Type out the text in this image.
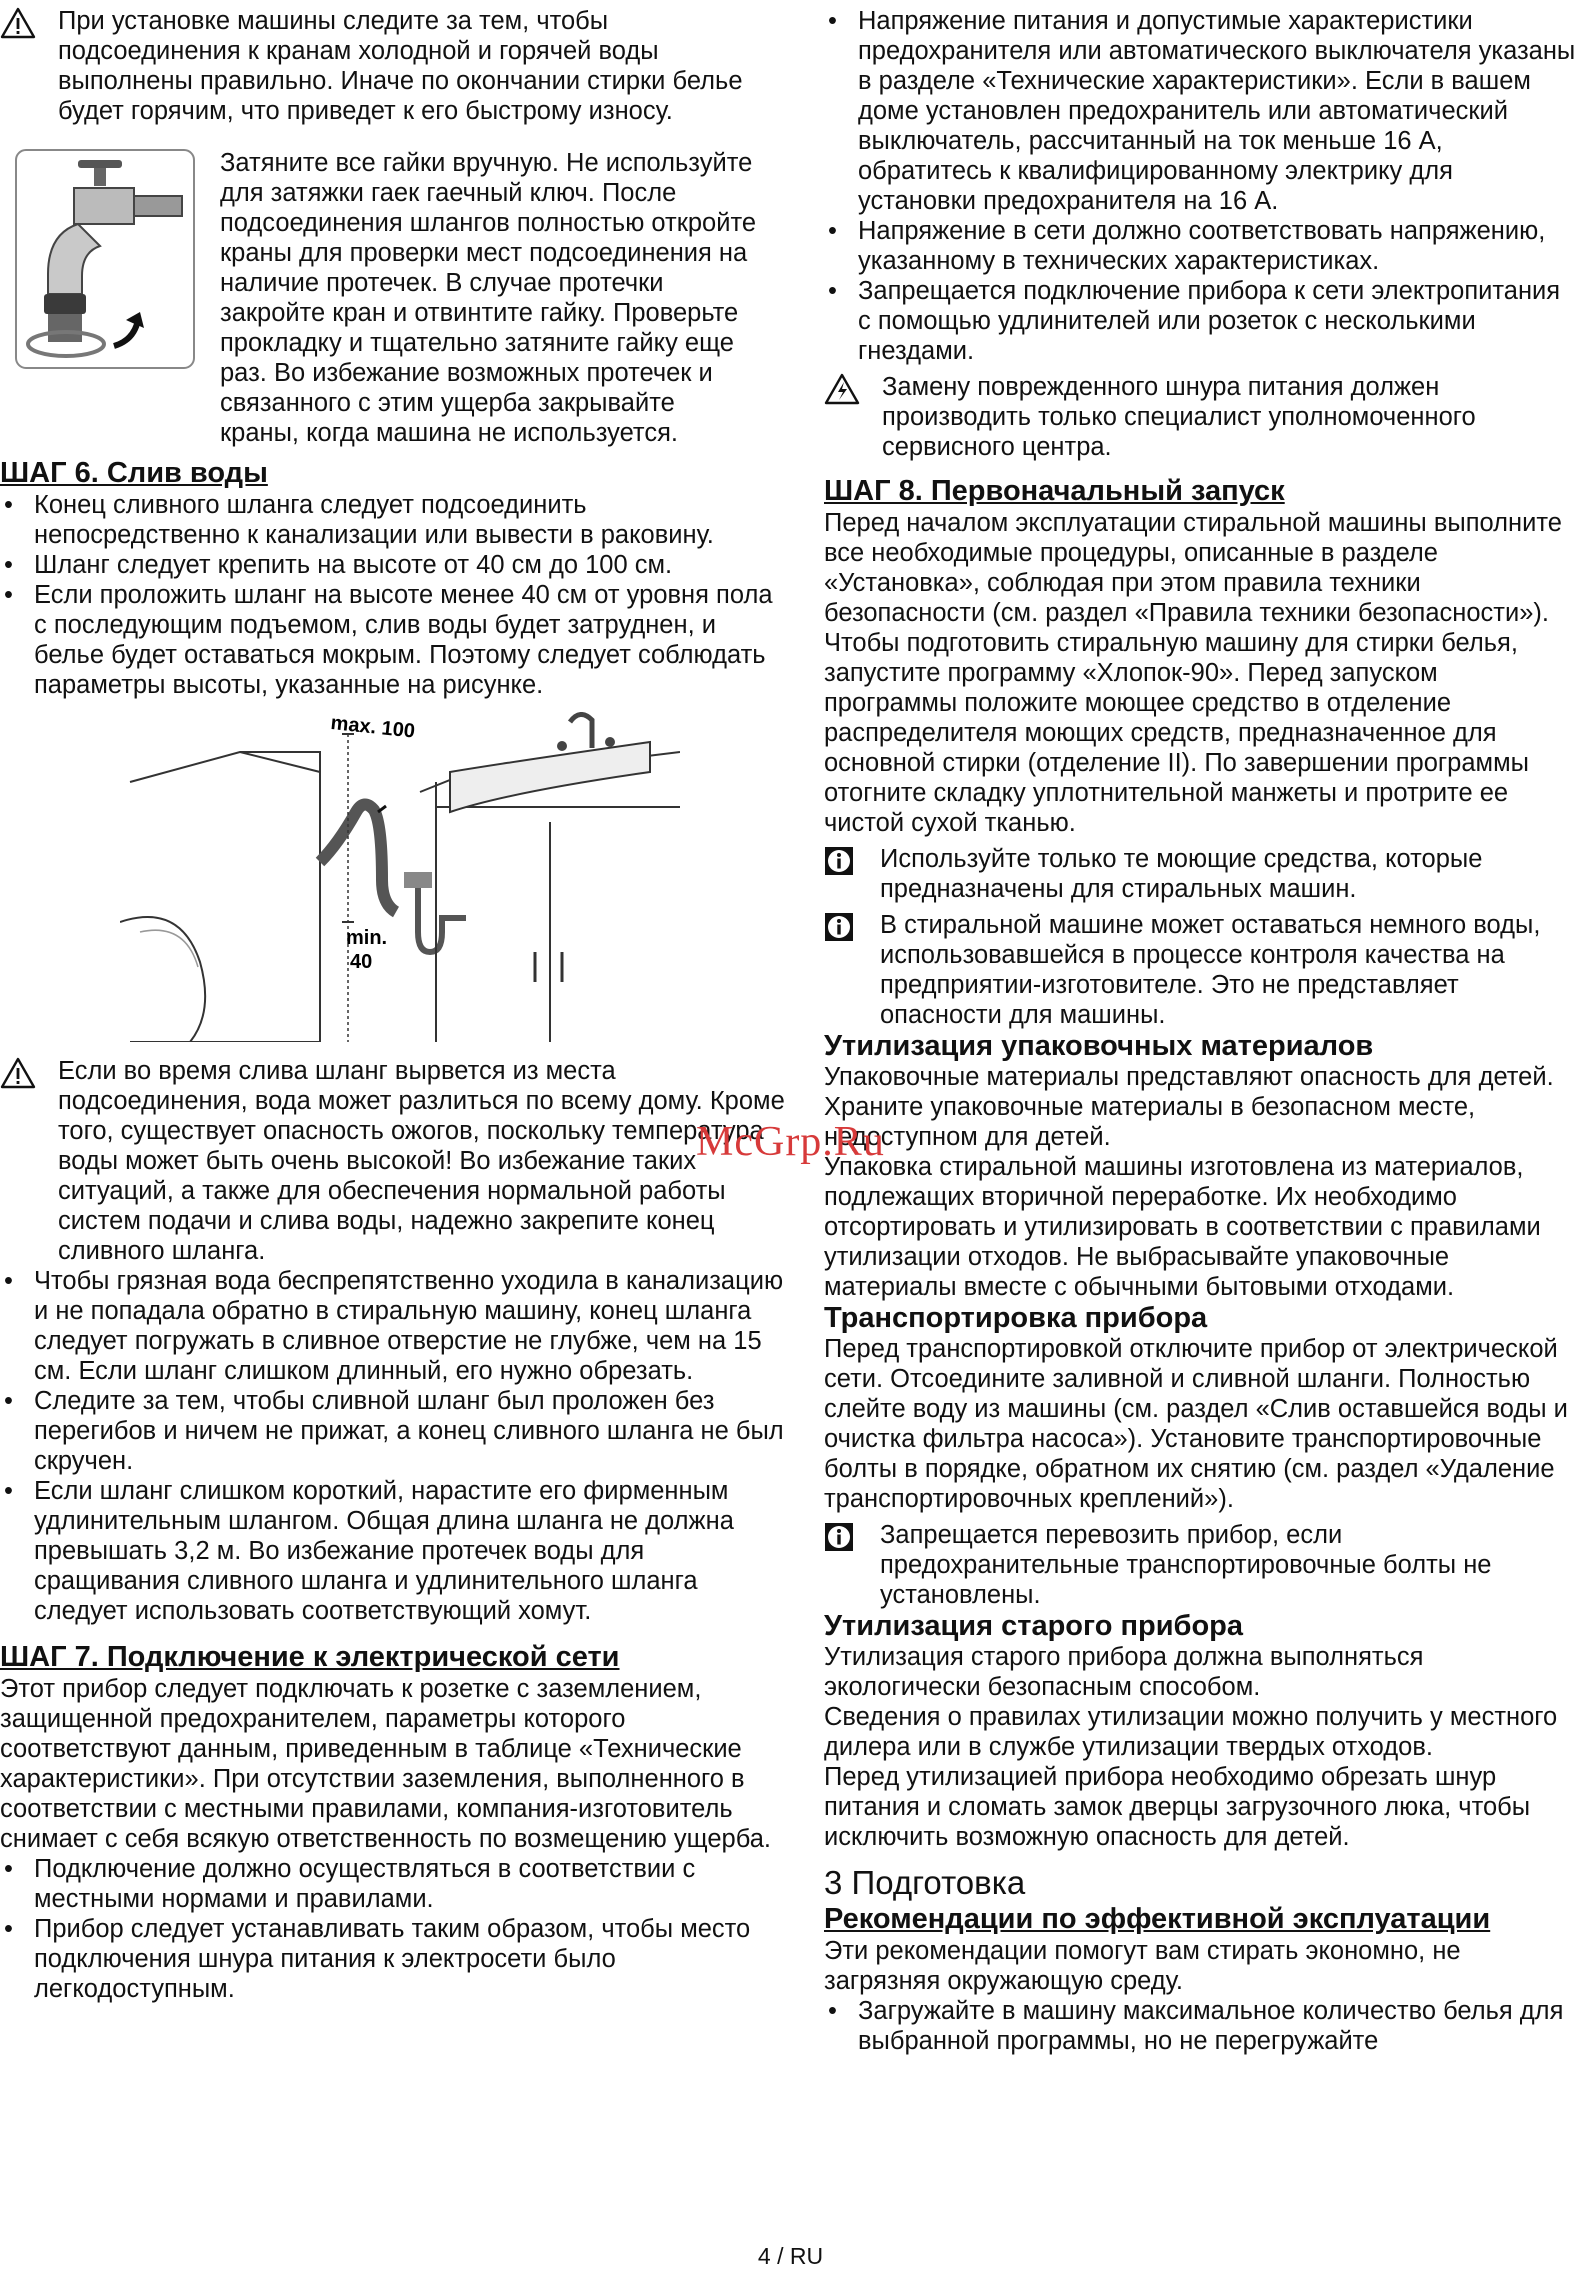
При установке машины следите за тем, чтобы подсоединения к кранам холодной и горячей воды выполнены правильно. Иначе по окончании стирки белье будет горячим, что приведет к его быстрому износу.

Затяните все гайки вручную. Не используйте для затяжки гаек гаечный ключ. После подсоединения шлангов полностью откройте краны для проверки мест подсоединения на наличие протечек. В случае протечки закройте кран и отвинтите гайку. Проверьте прокладку и тщательно затяните гайку еще раз. Во избежание возможных протечек и связанного с этим ущерба закрывайте краны, когда машина не используется.

ШАГ 6. Слив воды
• Конец сливного шланга следует подсоединить непосредственно к канализации или вывести в раковину.
• Шланг следует крепить на высоте от 40 см до 100 см.
• Если проложить шланг на высоте менее 40 см от уровня пола с последующим подъемом, слив воды будет затруднен, и белье будет оставаться мокрым. Поэтому следует соблюдать параметры высоты, указанные на рисунке.
max. 100
min.
40

Если во время слива шланг вырвется из места подсоединения, вода может разлиться по всему дому. Кроме того, существует опасность ожогов, поскольку температура воды может быть очень высокой! Во избежание таких ситуаций, а также для обеспечения нормальной работы систем подачи и слива воды, надежно закрепите конец сливного шланга.

• Чтобы грязная вода беспрепятственно уходила в канализацию и не попадала обратно в стиральную машину, конец шланга следует погружать в сливное отверстие не глубже, чем на 15 см. Если шланг слишком длинный, его нужно обрезать.
• Следите за тем, чтобы сливной шланг был проложен без перегибов и ничем не прижат, а конец сливного шланга не был скручен.
• Если шланг слишком короткий, нарастите его фирменным удлинительным шлангом. Общая длина шланга не должна превышать 3,2 м. Во избежание протечек воды для сращивания сливного шланга и удлинительного шланга следует использовать соответствующий хомут.
ШАГ 7. Подключение к электрической сети

Этот прибор следует подключать к розетке с заземлением, защищенной предохранителем, параметры которого соответствуют данным, приведенным в таблице «Технические характеристики». При отсутствии заземления, выполненного в соответствии с местными правилами, компания-изготовитель снимает с себя всякую ответственность по возмещению ущерба.

• Подключение должно осуществляться в соответствии с местными нормами и правилами.
• Прибор следует устанавливать таким образом, чтобы место подключения шнура питания к электросети было легкодоступным.
• Напряжение питания и допустимые характеристики предохранителя или автоматического выключателя указаны в разделе «Технические характеристики». Если в вашем доме установлен предохранитель или автоматический выключатель, рассчитанный на ток меньше 16 A, обратитесь к квалифицированному электрику для установки предохранителя на 16 A.
• Напряжение в сети должно соответствовать напряжению, указанному в технических характеристиках.
• Запрещается подключение прибора к сети электропитания с помощью удлинителей или розеток с несколькими гнездами.

Замену поврежденного шнура питания должен производить только специалист уполномоченного сервисного центра.

ШАГ 8. Первоначальный запуск

Перед началом эксплуатации стиральной машины выполните все необходимые процедуры, описанные в разделе «Установка», соблюдая при этом правила техники безопасности (см. раздел «Правила техники безопасности»).

Чтобы подготовить стиральную машину для стирки белья, запустите программу «Хлопок-90». Перед запуском программы положите моющее средство в отделение распределителя моющих средств, предназначенное для основной стирки (отделение II). По завершении программы отогните складку уплотнительной манжеты и протрите ее чистой сухой тканью.

Используйте только те моющие средства, которые предназначены для стиральных машин.

В стиральной машине может оставаться немного воды, использовавшейся в процессе контроля качества на предприятии-изготовителе. Это не представляет опасности для машины.

Утилизация упаковочных материалов

Упаковочные материалы представляют опасность для детей. Храните упаковочные материалы в безопасном месте, недоступном для детей.

Упаковка стиральной машины изготовлена из материалов, подлежащих вторичной переработке. Их необходимо отсортировать и утилизировать в соответствии с правилами утилизации отходов. Не выбрасывайте упаковочные материалы вместе с обычными бытовыми отходами.

Транспортировка прибора

Перед транспортировкой отключите прибор от электрической сети. Отсоедините заливной и сливной шланги. Полностью слейте воду из машины (см. раздел «Слив оставшейся воды и очистка фильтра насоса»). Установите транспортировочные болты в порядке, обратном их снятию (см. раздел «Удаление транспортировочных креплений»).

Запрещается перевозить прибор, если предохранительные транспортировочные болты не установлены.

Утилизация старого прибора

Утилизация старого прибора должна выполняться экологически безопасным способом.

Сведения о правилах утилизации можно получить у местного дилера или в службе утилизации твердых отходов.

Перед утилизацией прибора необходимо обрезать шнур питания и сломать замок дверцы загрузочного люка, чтобы исключить возможную опасность для детей.

3 Подготовка
Рекомендации по эффективной эксплуатации

Эти рекомендации помогут вам стирать экономно, не загрязняя окружающую среду.

• Загружайте в машину максимальное количество белья для выбранной программы, но не перегружайте
McGrp.Ru
4 / RU
